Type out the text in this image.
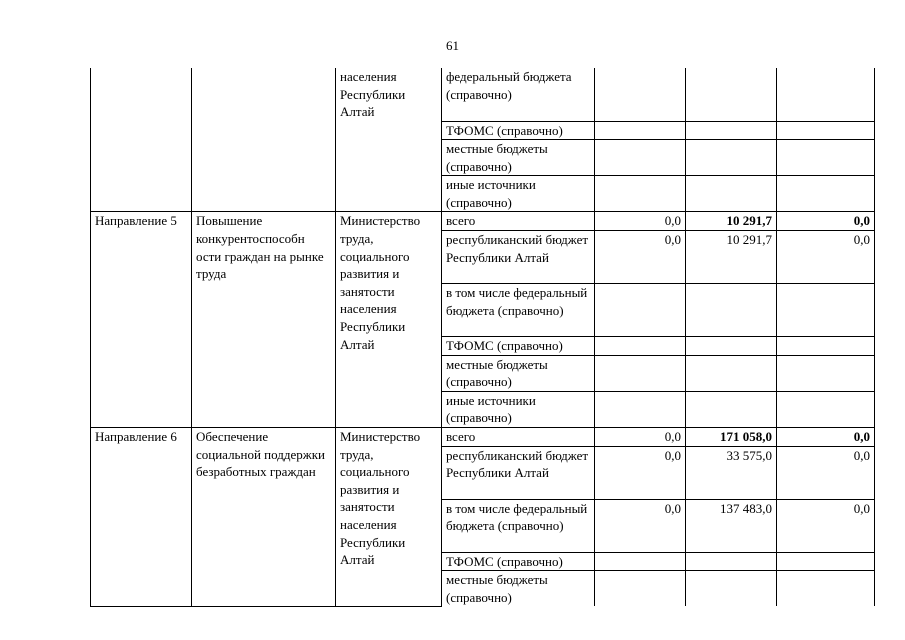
61
		населения Республики Алтай	федеральный бюджета (справочно)			
			ТФОМС (справочно)			
			местные бюджеты (справочно)			
			иные источники (справочно)			
Направление 5	Повышение конкурентоспособн ости граждан на рынке труда	Министерство труда, социального развития и занятости населения Республики Алтай	всего	0,0	10 291,7	0,0
			республиканский бюджет Республики Алтай	0,0	10 291,7	0,0
			в том числе федеральный бюджета (справочно)			
			ТФОМС (справочно)			
			местные бюджеты (справочно)			
			иные источники (справочно)			
Направление 6	Обеспечение социальной поддержки безработных граждан	Министерство труда, социального развития и занятости населения Республики Алтай	всего	0,0	171 058,0	0,0
			республиканский бюджет Республики Алтай	0,0	33 575,0	0,0
			в том числе федеральный бюджета (справочно)	0,0	137 483,0	0,0
			ТФОМС (справочно)			
			местные бюджеты (справочно)			
